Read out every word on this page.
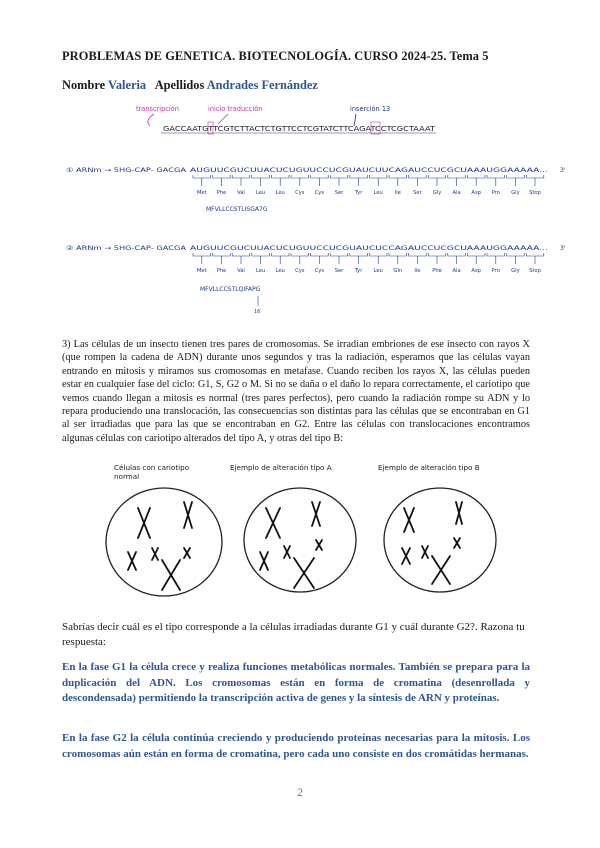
PROBLEMAS DE GENETICA. BIOTECNOLOGÍA. CURSO 2024-25. Tema 5
Nombre Valeria Apellidos Andrades Fernández
transcripción	inicio traducción	inserción 13
GACCAATGTTCGTCTTACTCTGTTCCTCGTATCTTCAGATCCTCGCTAAAT
① ARNm → 5HG-CAP- GACGA AUGUUCGUCUUACUCUGUUCCUCGUAUCUUCAGAUCCUCGCUAAAUGGAAAAA... 3'
Met Phe Val Leu Leu Cys Cys Ser Tyr Leu Ile Ser Gly Ala Asp Pro Gly Stop
MFVLLCCSTLISGA7G
② ARNm → 5HG-CAP- GACGA AUGUUCGUCUUACUCUGUUCCUCGUAUCUCCAGAUCCUCGCUAAAUGGAAAAA... 3'
Met Phe Val Leu Leu Cys Cys Ser Tyr Leu Gln Ile Phe Ala Asp Pro Gly Stop
MFVLLCCSTLQIFAPG
16
3) Las células de un insecto tienen tres pares de cromosomas. Se irradian embriones de ese insecto con rayos X (que rompen la cadena de ADN) durante unos segundos y tras la radiación, esperamos que las células vayan entrando en mitosis y miramos sus cromosomas en metafase. Cuando reciben los rayos X, las células pueden estar en cualquier fase del ciclo: G1, S, G2 o M. Si no se daña o el daño lo repara correctamente, el cariotipo que vemos cuando llegan a mitosis es normal (tres pares perfectos), pero cuando la radiación rompe su ADN y lo repara produciendo una translocación, las consecuencias son distintas para las células que se encontraban en G1 al ser irradiadas que para las que se encontraban en G2. Entre las células con translocaciones encontramos algunas células con cariotipo alterados del tipo A, y otras del tipo B:
Células con cariotipo normal
Ejemplo de alteración tipo A	Ejemplo de alteración tipo B
Sabrías decir cuál es el tipo corresponde a la células irradiadas durante G1 y cuál durante G2?. Razona tu respuesta:
En la fase G1 la célula crece y realiza funciones metabólicas normales. También se prepara para la duplicación del ADN. Los cromosomas están en forma de cromatina (desenrollada y descondensada) permitiendo la transcripción activa de genes y la síntesis de ARN y proteínas.
En la fase G2 la célula continúa creciendo y produciendo proteínas necesarias para la mitosis. Los cromosomas aún están en forma de cromatina, pero cada uno consiste en dos cromátidas hermanas.
2
